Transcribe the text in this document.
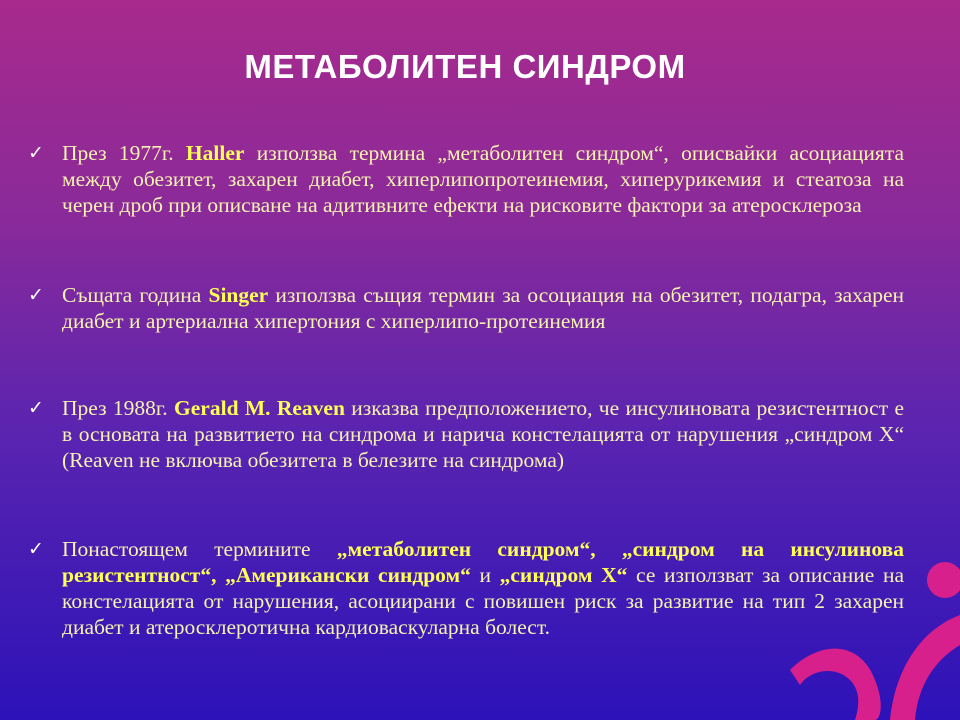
МЕТАБОЛИТЕН СИНДРОМ
✓ През 1977г. Haller използва термина „метаболитен синдром“, описвайки асоциацията между обезитет, захарен диабет, хиперлипопротеинемия, хиперурикемия и стеатоза на черен дроб при описване на адитивните ефекти на рисковите фактори за атеросклероза
✓ Същата година Singer използва същия термин за осоциация на обезитет, подагра, захарен диабет и артериална хипертония с хиперлипо-протеинемия
✓ През 1988г. Gerald M. Reaven изказва предположението, че инсулиновата резистентност е в основата на развитието на синдрома и нарича констелацията от нарушения „синдром Х“ (Reaven не включва обезитета в белезите на синдрома)
✓ Понастоящем термините „метаболитен синдром“, „синдром на инсулинова резистентност“, „Американски синдром“ и „синдром Х“ се използват за описание на констелацията от нарушения, асоциирани с повишен риск за развитие на тип 2 захарен диабет и атеросклеротична кардиоваскуларна болест.
